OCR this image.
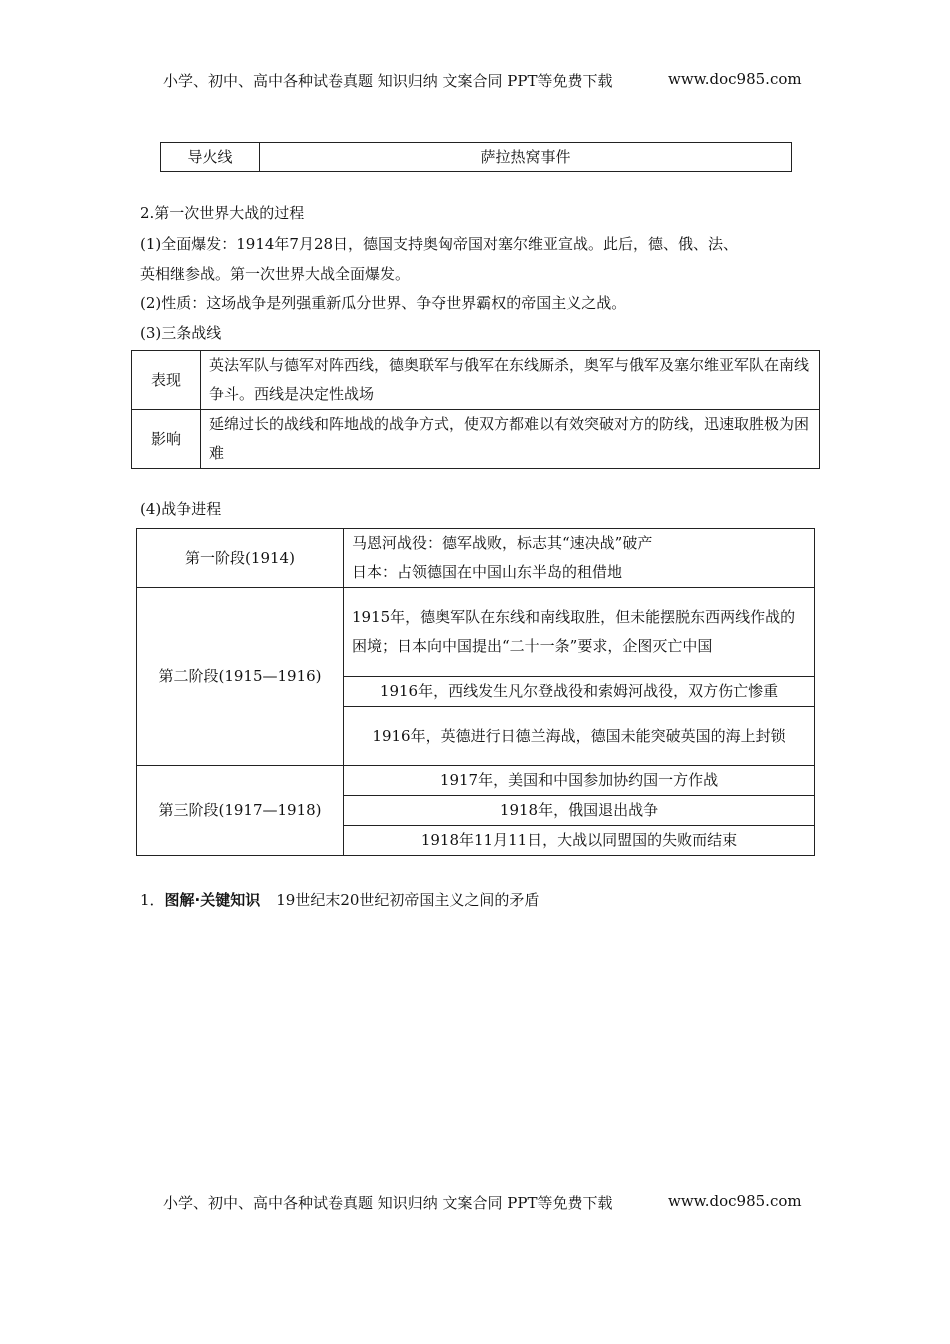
小学、初中、高中各种试卷真题 知识归纳 文案合同 PPT等免费下载	www.doc985.com
导火线	萨拉热窝事件
2.第一次世界大战的过程
(1)全面爆发：1914年7月28日，德国支持奥匈帝国对塞尔维亚宣战。此后，德、俄、法、
英相继参战。第一次世界大战全面爆发。
(2)性质：这场战争是列强重新瓜分世界、争夺世界霸权的帝国主义之战。
(3)三条战线
表现	英法军队与德军对阵西线，德奥联军与俄军在东线厮杀，奥军与俄军及塞尔维亚军队在南线争斗。西线是决定性战场
影响	延绵过长的战线和阵地战的战争方式，使双方都难以有效突破对方的防线，迅速取胜极为困难
(4)战争进程
第一阶段(1914)	马恩河战役：德军战败，标志其“速决战”破产
日本：占领德国在中国山东半岛的租借地

第二阶段(1915—1916)	1915年，德奥军队在东线和南线取胜，但未能摆脱东西两线作战的困境；日本向中国提出“二十一条”要求，企图灭亡中国
	1916年，西线发生凡尔登战役和索姆河战役，双方伤亡惨重
	1916年，英德进行日德兰海战，德国未能突破英国的海上封锁
第三阶段(1917—1918)	1917年，美国和中国参加协约国一方作战
	1918年，俄国退出战争
	1918年11月11日，大战以同盟国的失败而结束
1．图解·关键知识 19世纪末20世纪初帝国主义之间的矛盾
小学、初中、高中各种试卷真题 知识归纳 文案合同 PPT等免费下载	www.doc985.com
